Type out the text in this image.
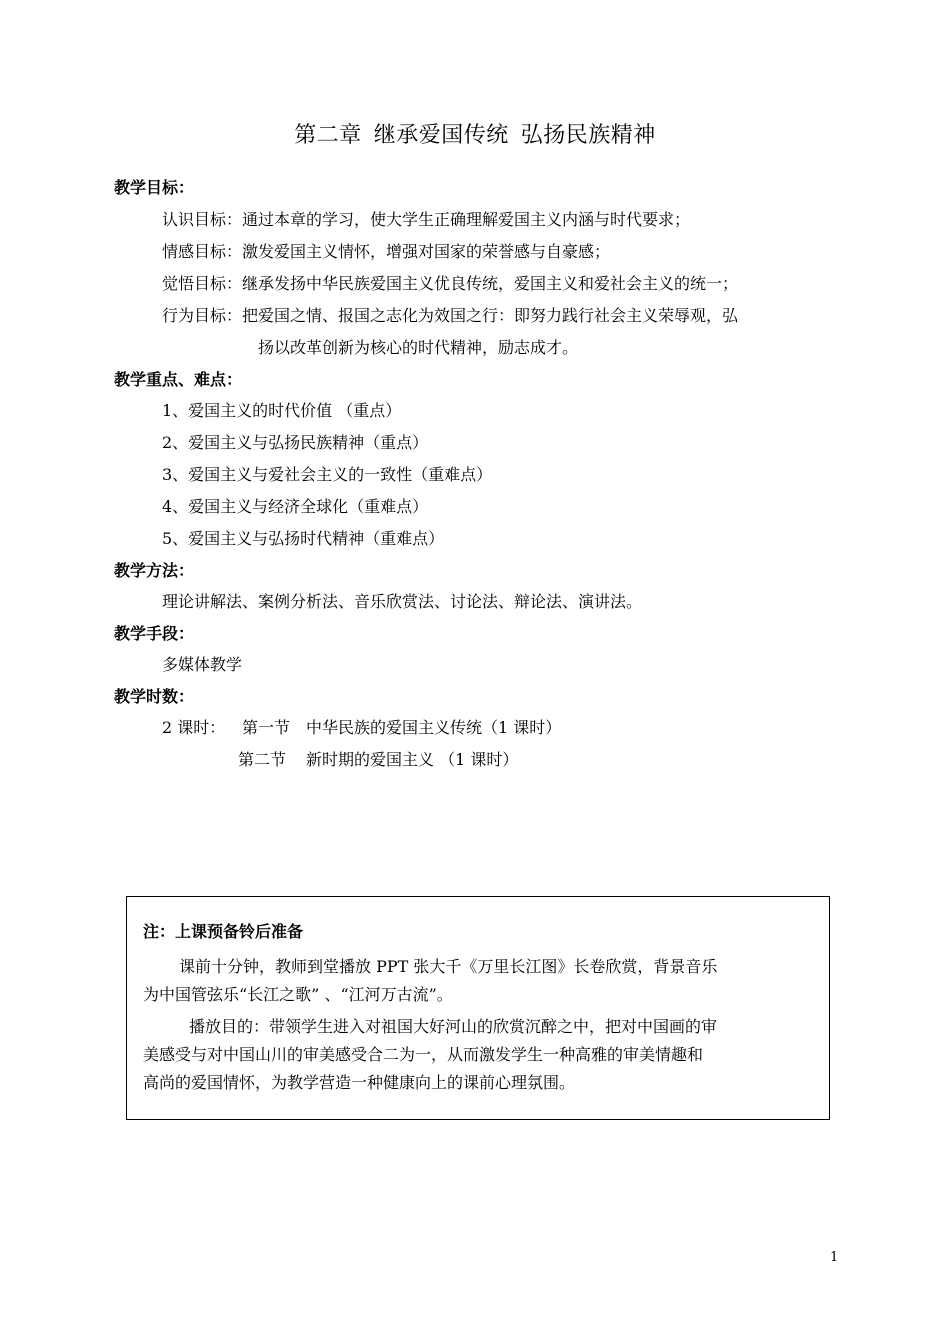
第二章 继承爱国传统 弘扬民族精神
教学目标：
认识目标：通过本章的学习，使大学生正确理解爱国主义内涵与时代要求；
情感目标：激发爱国主义情怀，增强对国家的荣誉感与自豪感；
觉悟目标：继承发扬中华民族爱国主义优良传统，爱国主义和爱社会主义的统一；
行为目标：把爱国之情、报国之志化为效国之行：即努力践行社会主义荣辱观，弘
扬以改革创新为核心的时代精神，励志成才。
教学重点、难点：
1、爱国主义的时代价值 （重点）
2、爱国主义与弘扬民族精神（重点）
3、爱国主义与爱社会主义的一致性（重难点）
4、爱国主义与经济全球化（重难点）
5、爱国主义与弘扬时代精神（重难点）
教学方法：
理论讲解法、案例分析法、音乐欣赏法、讨论法、辩论法、演讲法。
教学手段：
多媒体教学
教学时数：
2 课时： 第一节 中华民族的爱国主义传统（1 课时）
第二节 新时期的爱国主义 （1 课时）
注：上课预备铃后准备
课前十分钟，教师到堂播放 PPT 张大千《万里长江图》长卷欣赏，背景音乐
为中国管弦乐“长江之歌” 、“江河万古流”。
播放目的：带领学生进入对祖国大好河山的欣赏沉醉之中，把对中国画的审
美感受与对中国山川的审美感受合二为一，从而激发学生一种高雅的审美情趣和
高尚的爱国情怀，为教学营造一种健康向上的课前心理氛围。
1
